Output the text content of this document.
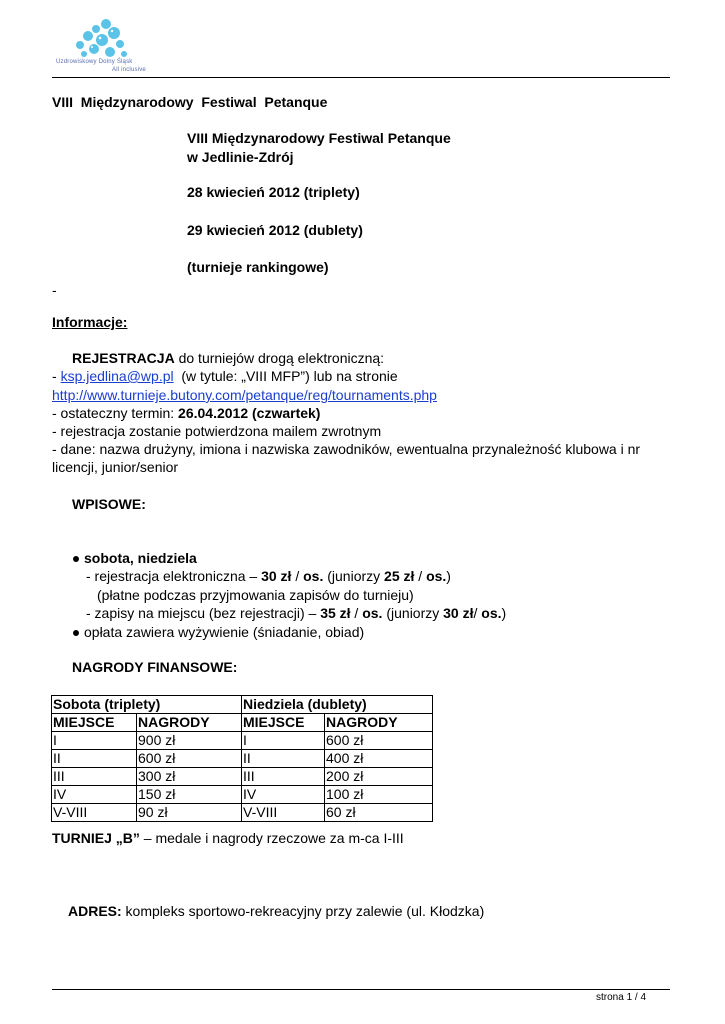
Uzdrowiskowy Dolny Śląsk
All inclusive
VIII  Międzynarodowy  Festiwal  Petanque
VIII Międzynarodowy Festiwal Petanque
w Jedlinie-Zdrój
28 kwiecień 2012 (triplety)
29 kwiecień 2012 (dublety)
(turnieje rankingowe)
-
Informacje:
REJESTRACJA do turniejów drogą elektroniczną:
- ksp.jedlina@wp.pl  (w tytule: „VIII MFP”) lub na stronie
http://www.turnieje.butony.com/petanque/reg/tournaments.php
- ostateczny termin: 26.04.2012 (czwartek)
- rejestracja zostanie potwierdzona mailem zwrotnym
- dane: nazwa drużyny, imiona i nazwiska zawodników, ewentualna przynależność klubowa i nr
licencji, junior/senior
WPISOWE:
sobota, niedziela
- rejestracja elektroniczna – 30 zł / os. (juniorzy 25 zł / os.)
(płatne podczas przyjmowania zapisów do turnieju)
- zapisy na miejscu (bez rejestracji) – 35 zł / os. (juniorzy 30 zł/ os.)
opłata zawiera wyżywienie (śniadanie, obiad)
NAGRODY FINANSOWE:
Sobota (triplety)		Niedziela (dublety)	
MIEJSCE	NAGRODY	MIEJSCE	NAGRODY
I	900 zł	I	600 zł
II	600 zł	II	400 zł
III	300 zł	III	200 zł
IV	150 zł	IV	100 zł
V-VIII	90 zł	V-VIII	60 zł
TURNIEJ „B” – medale i nagrody rzeczowe za m-ca I-III
ADRES: kompleks sportowo-rekreacyjny przy zalewie (ul. Kłodzka)
strona 1 / 4
